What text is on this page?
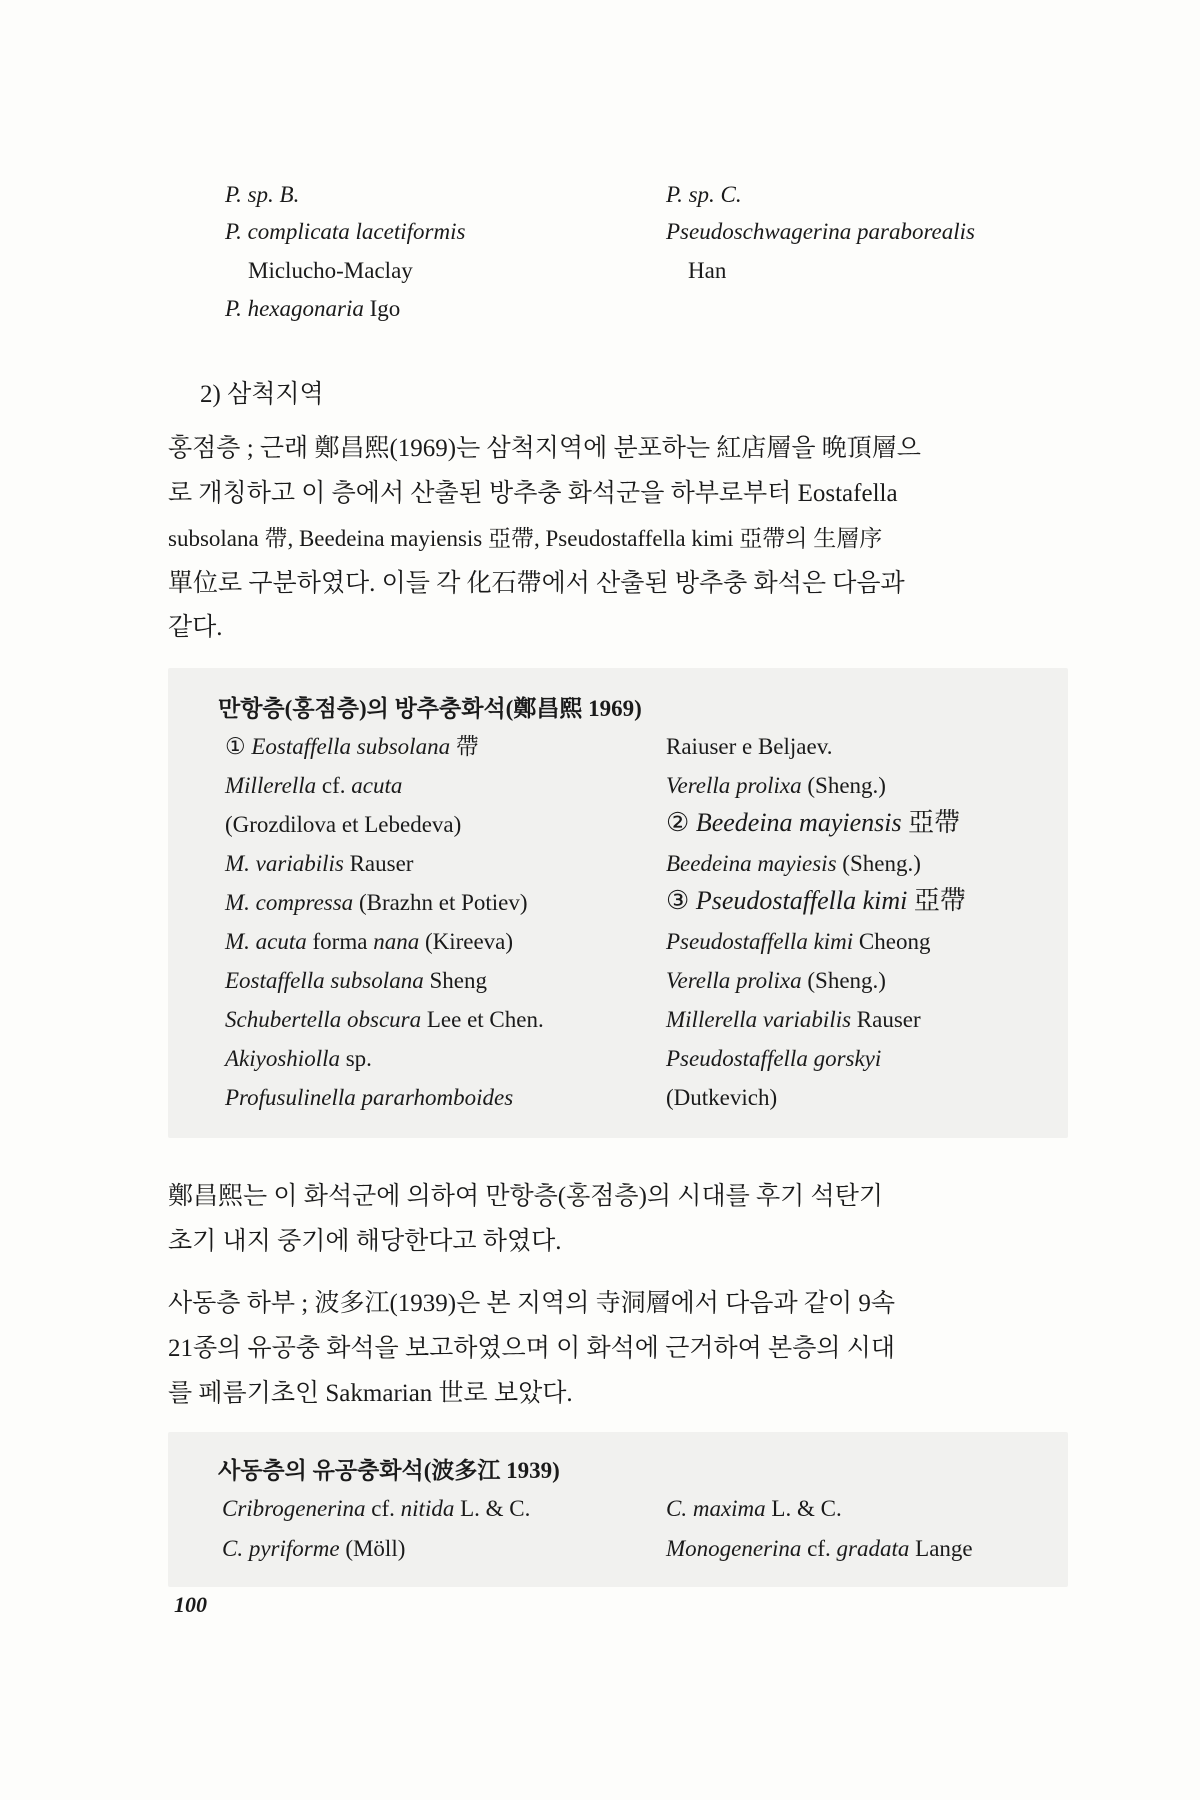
P. sp. B.
P. complicata lacetiformis
Miclucho-Maclay
P. hexagonaria Igo
P. sp. C.
Pseudoschwagerina paraborealis
Han
2) 삼척지역
홍점층 ; 근래 鄭昌熙(1969)는 삼척지역에 분포하는 紅店層을 晩頂層으
로 개칭하고 이 층에서 산출된 방추충 화석군을 하부로부터 Eostafella
subsolana 帶, Beedeina mayiensis 亞帶, Pseudostaffella kimi 亞帶의 生層序
單位로 구분하였다. 이들 각 化石帶에서 산출된 방추충 화석은 다음과
같다.
만항층(홍점층)의 방추충화석(鄭昌熙 1969)
① Eostaffella subsolana 帶
Millerella cf. acuta
(Grozdilova et Lebedeva)
M. variabilis Rauser
M. compressa (Brazhn et Potiev)
M. acuta forma nana (Kireeva)
Eostaffella subsolana Sheng
Schubertella obscura Lee et Chen.
Akiyoshiolla sp.
Profusulinella pararhomboides
Raiuser e Beljaev.
Verella prolixa (Sheng.)
② Beedeina mayiensis 亞帶
Beedeina mayiesis (Sheng.)
③ Pseudostaffella kimi 亞帶
Pseudostaffella kimi Cheong
Verella prolixa (Sheng.)
Millerella variabilis Rauser
Pseudostaffella gorskyi
(Dutkevich)
鄭昌熙는 이 화석군에 의하여 만항층(홍점층)의 시대를 후기 석탄기
초기 내지 중기에 해당한다고 하였다.
사동층 하부 ; 波多江(1939)은 본 지역의 寺洞層에서 다음과 같이 9속
21종의 유공충 화석을 보고하였으며 이 화석에 근거하여 본층의 시대
를 페름기초인 Sakmarian 世로 보았다.
사동층의 유공충화석(波多江 1939)
Cribrogenerina cf. nitida L. & C.
C. pyriforme (Möll)
C. maxima L. & C.
Monogenerina cf. gradata Lange
100
